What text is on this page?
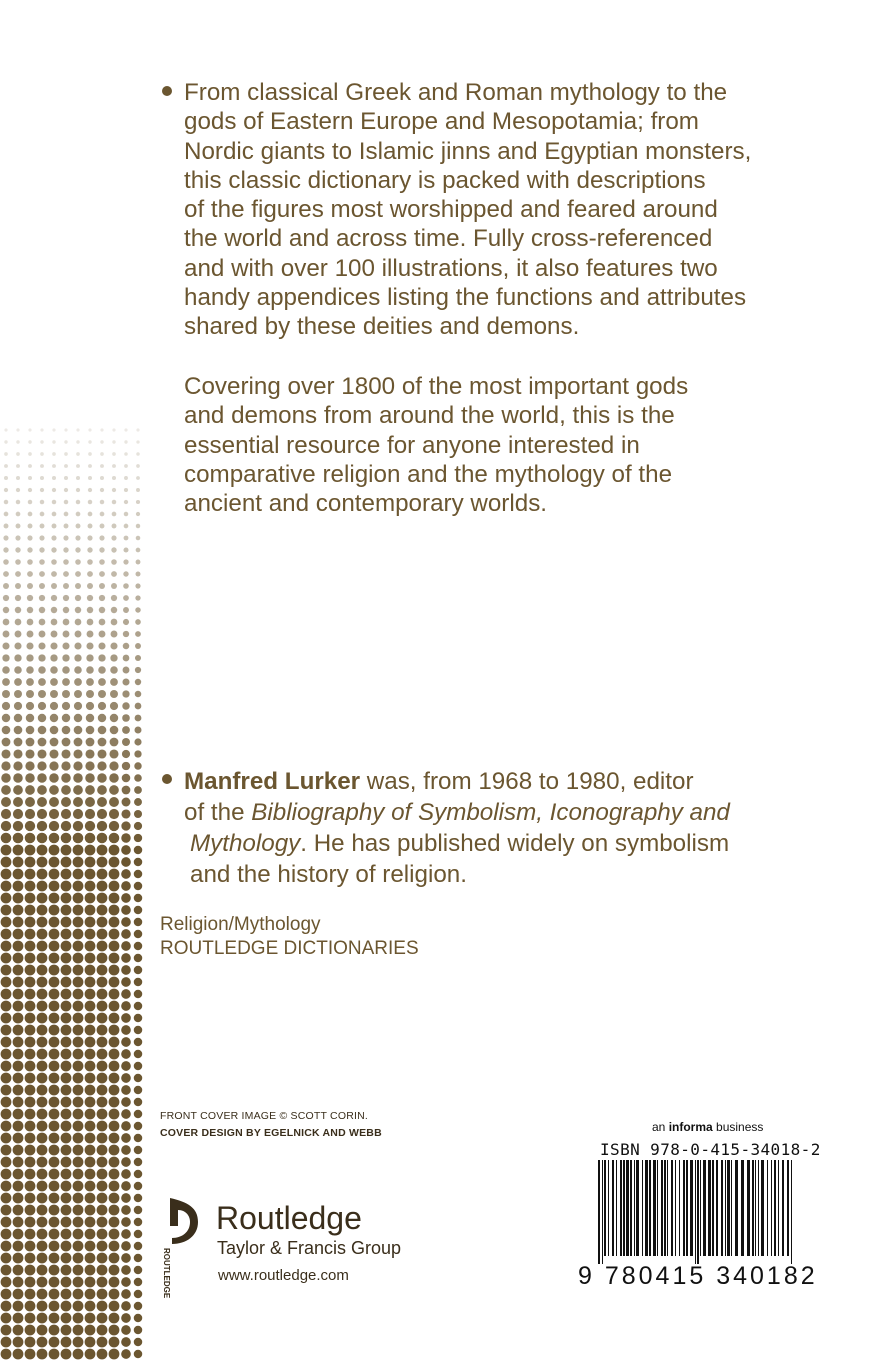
From classical Greek and Roman mythology to the
gods of Eastern Europe and Mesopotamia; from
Nordic giants to Islamic jinns and Egyptian monsters,
this classic dictionary is packed with descriptions
of the figures most worshipped and feared around
the world and across time. Fully cross-referenced
and with over 100 illustrations, it also features two
handy appendices listing the functions and attributes
shared by these deities and demons.

Covering over 1800 of the most important gods
and demons from around the world, this is the
essential resource for anyone interested in
comparative religion and the mythology of the
ancient and contemporary worlds.

Manfred Lurker was, from 1968 to 1980, editor
of the Bibliography of Symbolism, Iconography and
Mythology. He has published widely on symbolism
and the history of religion.

Religion/Mythology
ROUTLEDGE DICTIONARIES
FRONT COVER IMAGE © SCOTT CORIN.
COVER DESIGN BY EGELNICK AND WEBB
ROUTLEDGE
Routledge
Taylor & Francis Group
www.routledge.com
an informa business
ISBN 978-0-415-34018-2
9 780415 340182
